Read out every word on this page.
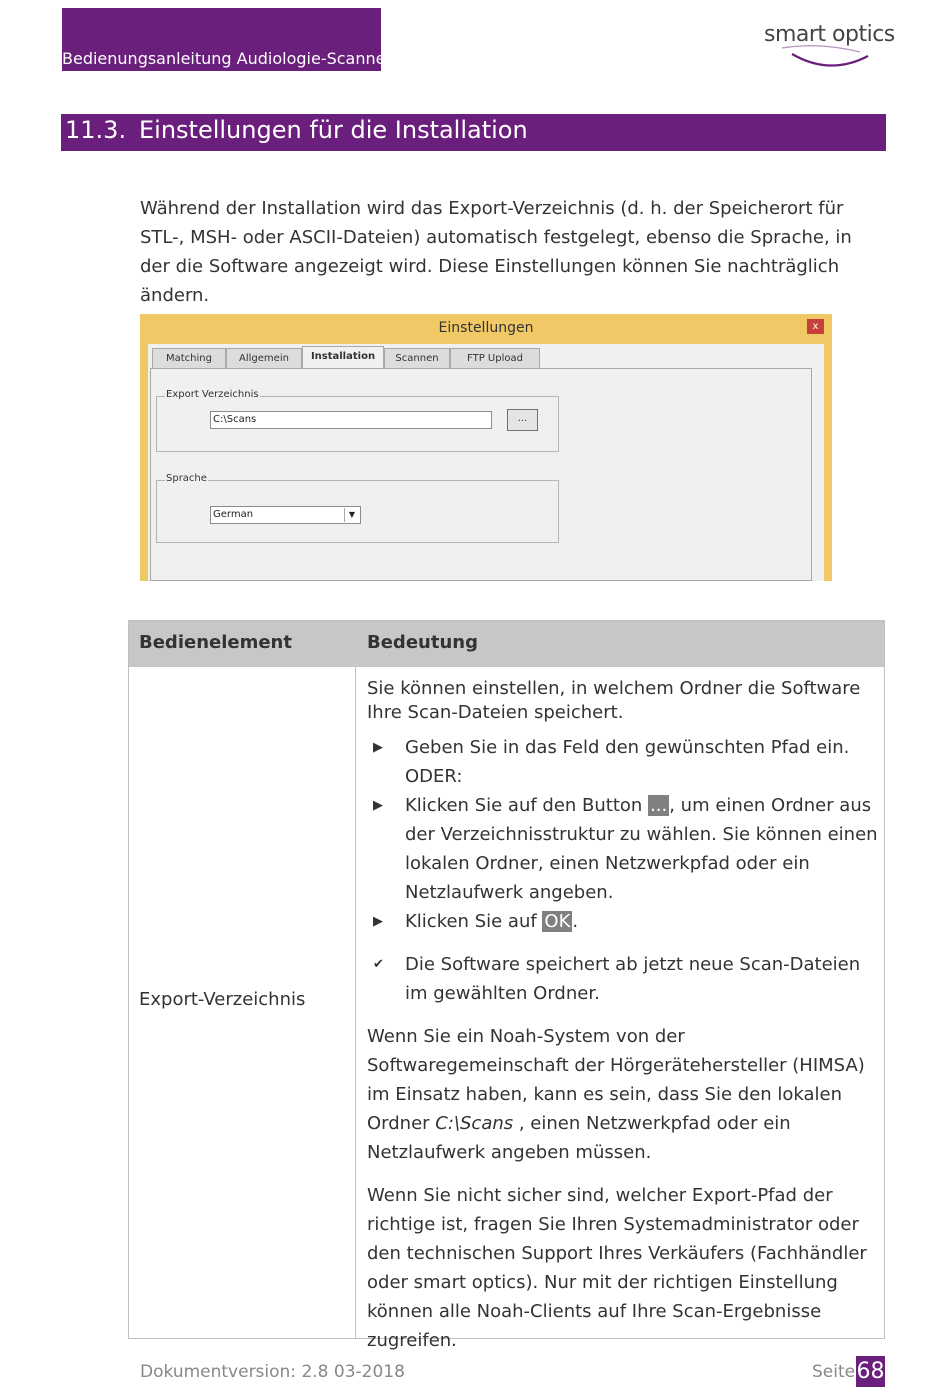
Bedienungsanleitung Audiologie-Scanner
smart optics
11.3. Einstellungen für die Installation
Während der Installation wird das Export-Verzeichnis (d. h. der Speicherort für STL-, MSH- oder ASCII-Dateien) automatisch festgelegt, ebenso die Sprache, in der die Software angezeigt wird. Diese Einstellungen können Sie nachträglich ändern.
Einstellungen	x
Matching	Allgemein	Installation	Scannen	FTP Upload
Export Verzeichnis
C:\Scans	...
Sprache
German	▼
Bedienelement	Bedeutung
Export-Verzeichnis

Sie können einstellen, in welchem Ordner die Software Ihre Scan-Dateien speichert.

▶ Geben Sie in das Feld den gewünschten Pfad ein.
ODER:

▶ Klicken Sie auf den Button ... , um einen Ordner aus der Verzeichnisstruktur zu wählen. Sie können einen lokalen Ordner, einen Netzwerkpfad oder ein Netzlaufwerk angeben.

▶ Klicken Sie auf OK .

✔ Die Software speichert ab jetzt neue Scan-Dateien im gewählten Ordner.

Wenn Sie ein Noah-System von der Softwaregemeinschaft der Hörgerätehersteller (HIMSA) im Einsatz haben, kann es sein, dass Sie den lokalen Ordner C:\Scans , einen Netzwerkpfad oder ein Netzlaufwerk angeben müssen.

Wenn Sie nicht sicher sind, welcher Export-Pfad der richtige ist, fragen Sie Ihren Systemadministrator oder den technischen Support Ihres Verkäufers (Fachhändler oder smart optics). Nur mit der richtigen Einstellung können alle Noah-Clients auf Ihre Scan-Ergebnisse zugreifen.

Dokumentversion: 2.8 03-2018	Seite 68
